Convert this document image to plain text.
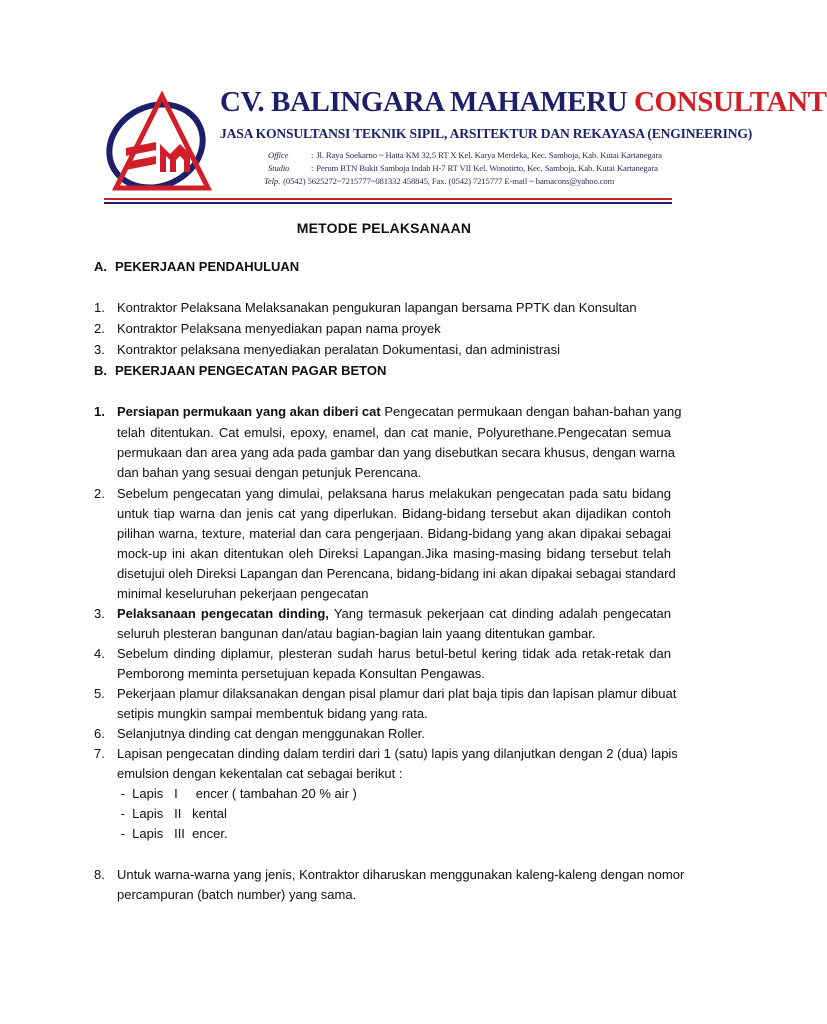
CV. BALINGARA MAHAMERU CONSULTANT
JASA KONSULTANSI TEKNIK SIPIL, ARSITEKTUR DAN REKAYASA (ENGINEERING)
Office	: Jl. Raya Soekarno ~ Hatta KM 32,5 RT X Kel. Karya Merdeka, Kec. Samboja, Kab. Kutai Kartanegara
Studio	: Perum BTN Bukit Samboja Indah H-7 RT VII Kel. Wonotirto, Kec. Samboja, Kab. Kutai Kartanegara
Telp. (0542) 5625272~7215777~081332 458845, Fax. (0542) 7215777 E-mail ~ bamacons@yahoo.com
METODE PELAKSANAAN
A. PEKERJAAN PENDAHULUAN
1. Kontraktor Pelaksana Melaksanakan pengukuran lapangan bersama PPTK dan Konsultan
2. Kontraktor Pelaksana menyediakan papan nama proyek
3. Kontraktor pelaksana menyediakan peralatan Dokumentasi, dan administrasi
B. PEKERJAAN PENGECATAN PAGAR BETON
1. Persiapan permukaan yang akan diberi cat Pengecatan permukaan dengan bahan-bahan yang
telah ditentukan. Cat emulsi, epoxy, enamel, dan cat manie, Polyurethane.Pengecatan semua
permukaan dan area yang ada pada gambar dan yang disebutkan secara khusus, dengan warna
dan bahan yang sesuai dengan petunjuk Perencana.
2. Sebelum pengecatan yang dimulai, pelaksana harus melakukan pengecatan pada satu bidang
untuk tiap warna dan jenis cat yang diperlukan. Bidang-bidang tersebut akan dijadikan contoh
pilihan warna, texture, material dan cara pengerjaan. Bidang-bidang yang akan dipakai sebagai
mock-up ini akan ditentukan oleh Direksi Lapangan.Jika masing-masing bidang tersebut telah
disetujui oleh Direksi Lapangan dan Perencana, bidang-bidang ini akan dipakai sebagai standard
minimal keseluruhan pekerjaan pengecatan
3. Pelaksanaan pengecatan dinding, Yang termasuk pekerjaan cat dinding adalah pengecatan
seluruh plesteran bangunan dan/atau bagian-bagian lain yaang ditentukan gambar.
4. Sebelum dinding diplamur, plesteran sudah harus betul-betul kering tidak ada retak-retak dan
Pemborong meminta persetujuan kepada Konsultan Pengawas.
5. Pekerjaan plamur dilaksanakan dengan pisal plamur dari plat baja tipis dan lapisan plamur dibuat
setipis mungkin sampai membentuk bidang yang rata.
6. Selanjutnya dinding cat dengan menggunakan Roller.
7. Lapisan pengecatan dinding dalam terdiri dari 1 (satu) lapis yang dilanjutkan dengan 2 (dua) lapis
emulsion dengan kekentalan cat sebagai berikut :
-  Lapis   I     encer ( tambahan 20 % air )
-  Lapis   II   kental
-  Lapis   III  encer.
8. Untuk warna-warna yang jenis, Kontraktor diharuskan menggunakan kaleng-kaleng dengan nomor
percampuran (batch number) yang sama.
